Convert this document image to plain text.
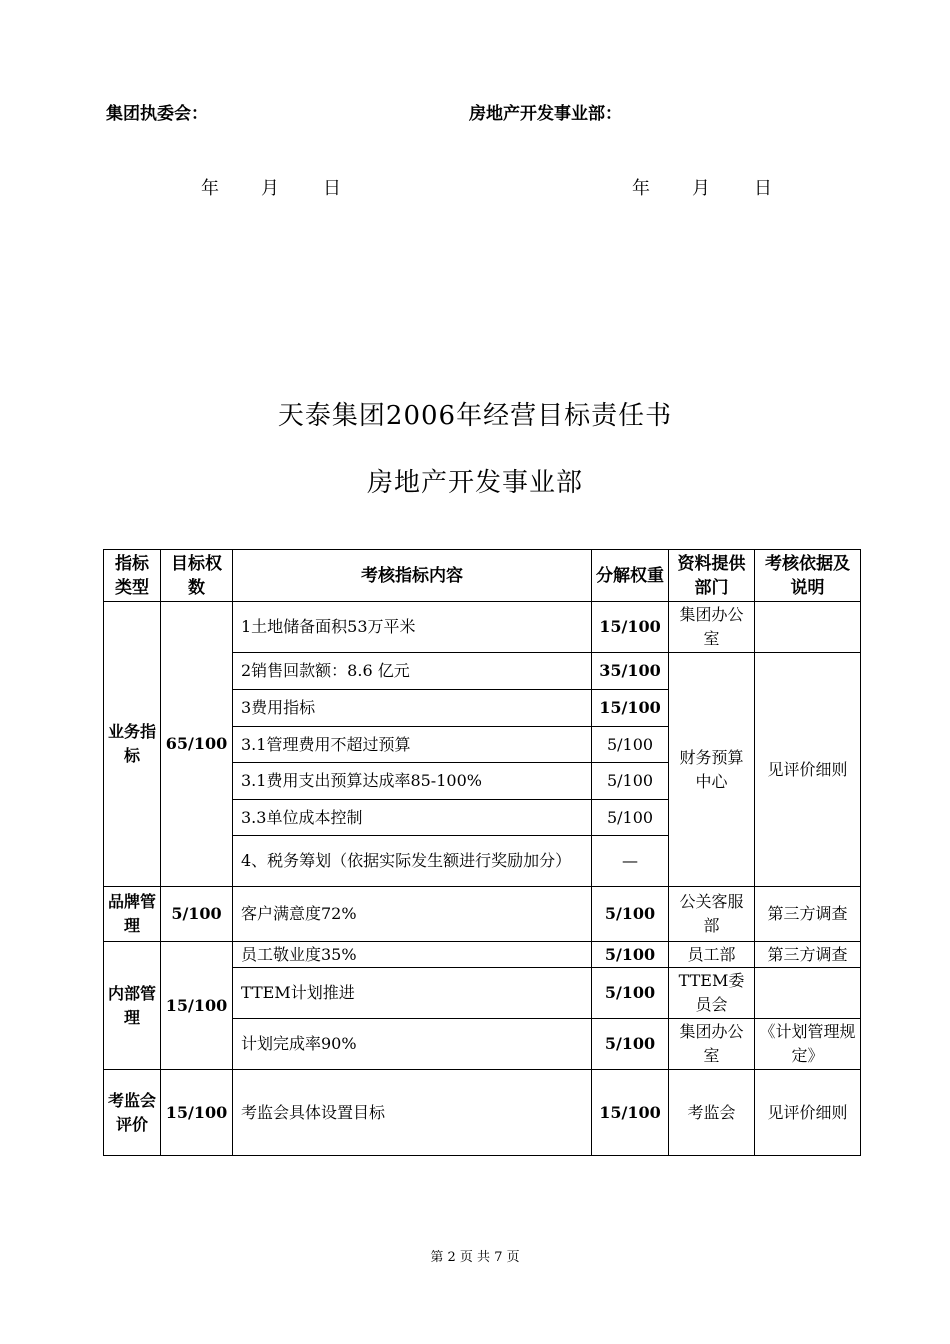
集团执委会：	房地产开发事业部：
年	月	日	年	月	日
天泰集团2006年经营目标责任书
房地产开发事业部
指标类型	目标权数	考核指标内容	分解权重	资料提供部门	考核依据及说明
业务指标	65/100	1土地储备面积53万平米	15/100	集团办公室	
		2销售回款额：8.6 亿元	35/100	财务预算中心	见评价细则
		3费用指标	15/100		
		3.1管理费用不超过预算	5/100		
		3.1费用支出预算达成率85-100%	5/100		
		3.3单位成本控制	5/100		
		4、税务筹划（依据实际发生额进行奖励加分）	—		
品牌管理	5/100	客户满意度72%	5/100	公关客服部	第三方调查
内部管理	15/100	员工敬业度35%	5/100	员工部	第三方调查
		TTEM计划推进	5/100	TTEM委员会	
		计划完成率90%	5/100	集团办公室	《计划管理规定》
考监会评价	15/100	考监会具体设置目标	15/100	考监会	见评价细则
第 2 页 共 7 页
